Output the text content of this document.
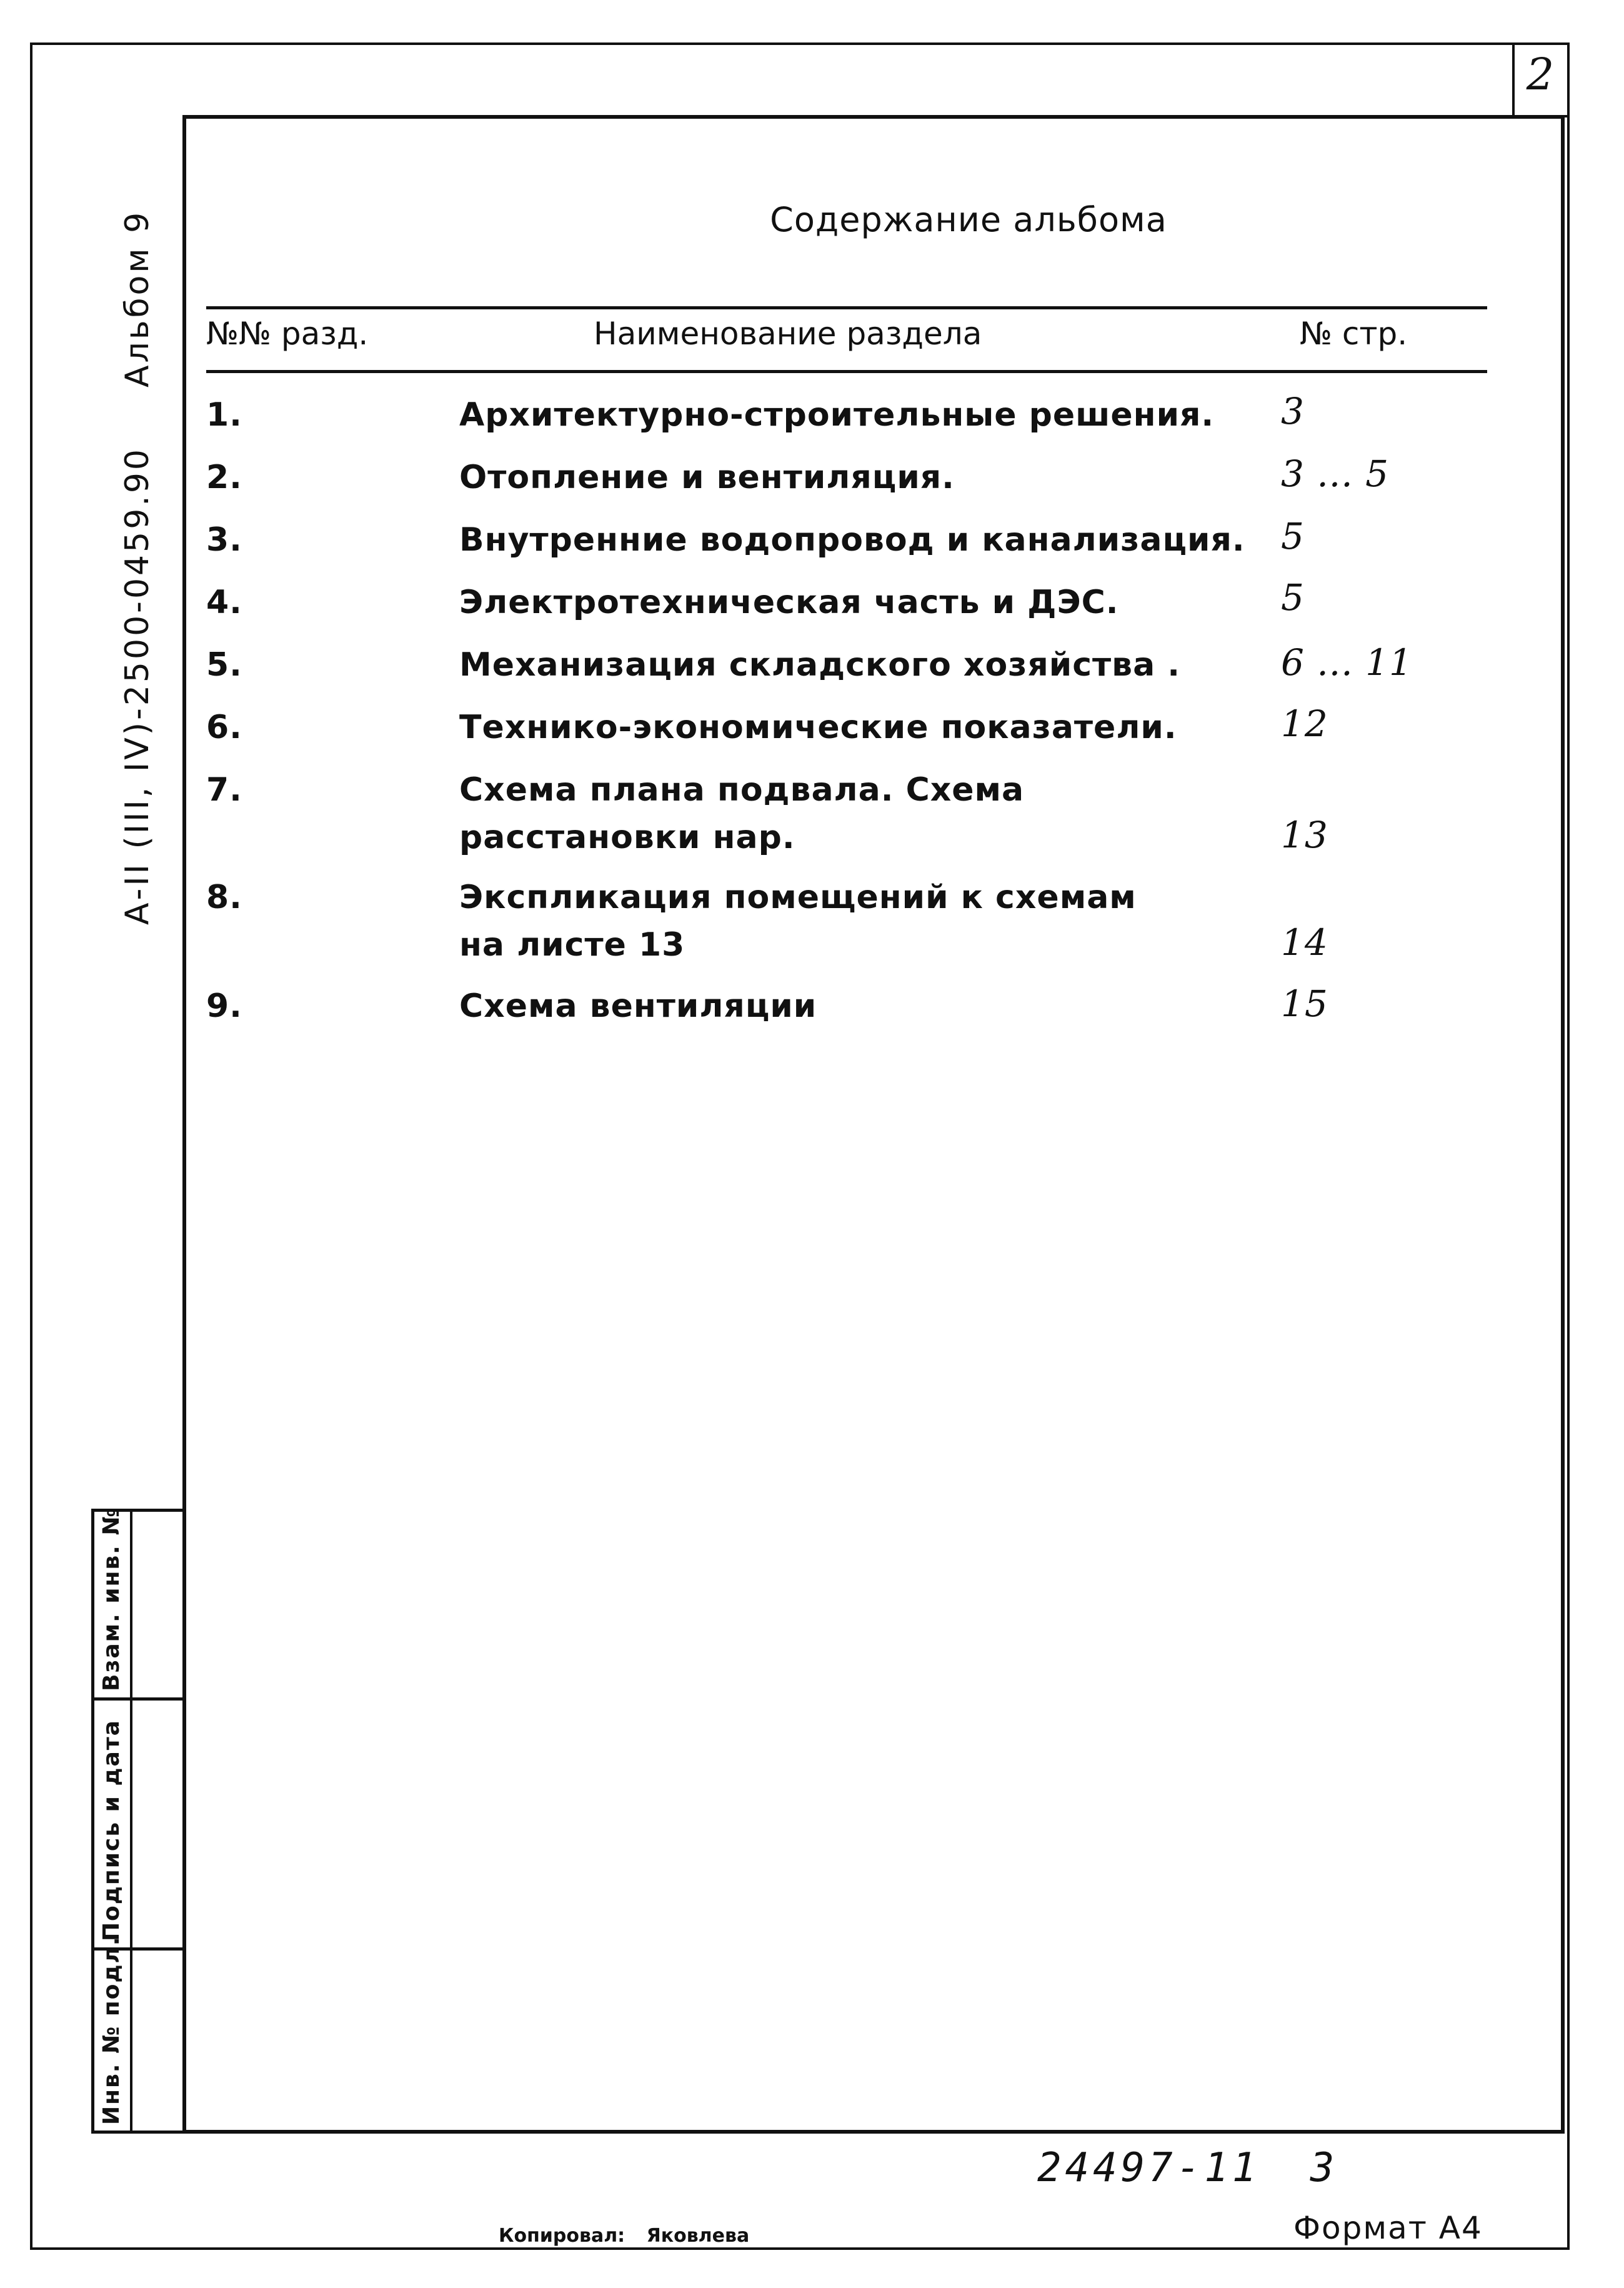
2
А-II (III, IV)-2500-0459.90
Альбом 9	Содержание альбома
№№ разд.	Наименование раздела	№ стр.
1.	Архитектурно-строительные решения.	3
2.	Отопление и вентиляция.	3 ... 5
3.	Внутренние водопровод и канализация. 5
4.	Электротехническая часть и ДЭС.	5
5.	Механизация складского хозяйства .	6 ... 11
6.	Технико-экономические показатели.	12
7.	Схема плана подвала. Схема расстановки нар.	13
8.	Экспликация помещений к схемам на листе 13	14
9.	Схема вентиляции	15
Взам. инв. №
Подпись и дата
Инв. № подл.
24497-11 3
Копировал: Яковлева	Формат А4
